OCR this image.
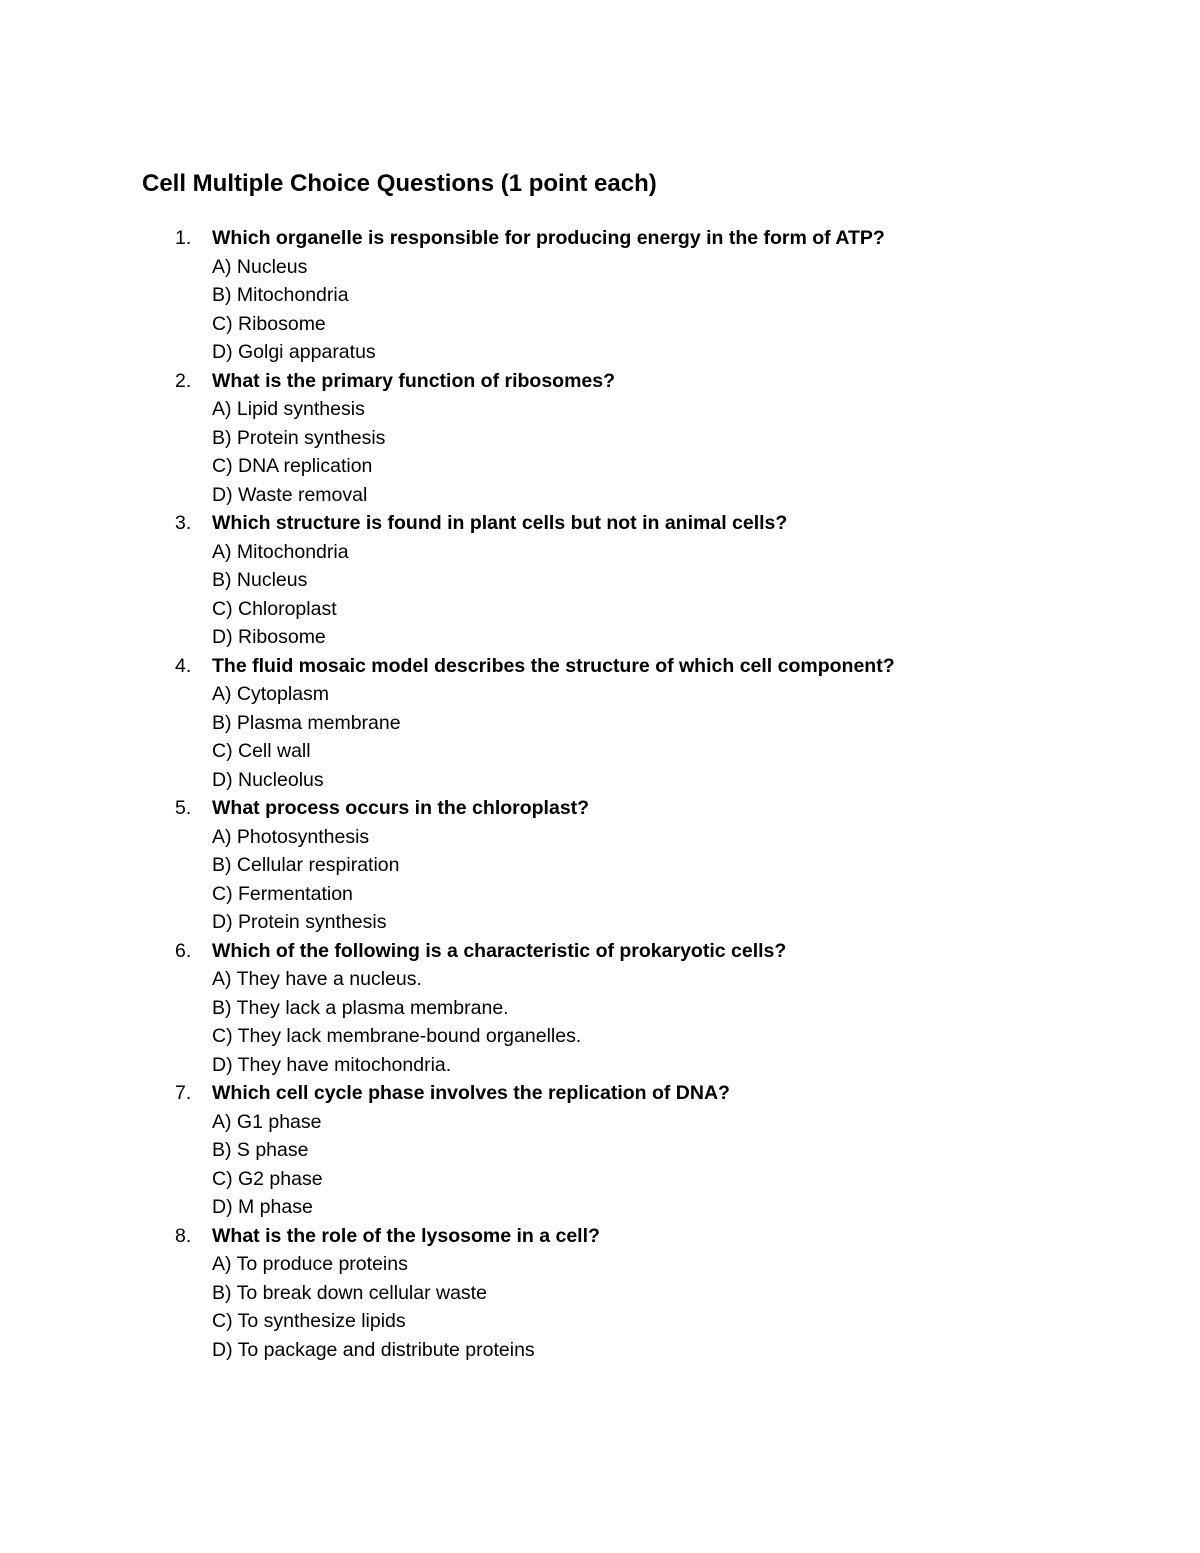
Cell Multiple Choice Questions (1 point each)
1. Which organelle is responsible for producing energy in the form of ATP?
A) Nucleus
B) Mitochondria
C) Ribosome
D) Golgi apparatus
2. What is the primary function of ribosomes?
A) Lipid synthesis
B) Protein synthesis
C) DNA replication
D) Waste removal
3. Which structure is found in plant cells but not in animal cells?
A) Mitochondria
B) Nucleus
C) Chloroplast
D) Ribosome
4. The fluid mosaic model describes the structure of which cell component?
A) Cytoplasm
B) Plasma membrane
C) Cell wall
D) Nucleolus
5. What process occurs in the chloroplast?
A) Photosynthesis
B) Cellular respiration
C) Fermentation
D) Protein synthesis
6. Which of the following is a characteristic of prokaryotic cells?
A) They have a nucleus.
B) They lack a plasma membrane.
C) They lack membrane-bound organelles.
D) They have mitochondria.
7. Which cell cycle phase involves the replication of DNA?
A) G1 phase
B) S phase
C) G2 phase
D) M phase
8. What is the role of the lysosome in a cell?
A) To produce proteins
B) To break down cellular waste
C) To synthesize lipids
D) To package and distribute proteins
